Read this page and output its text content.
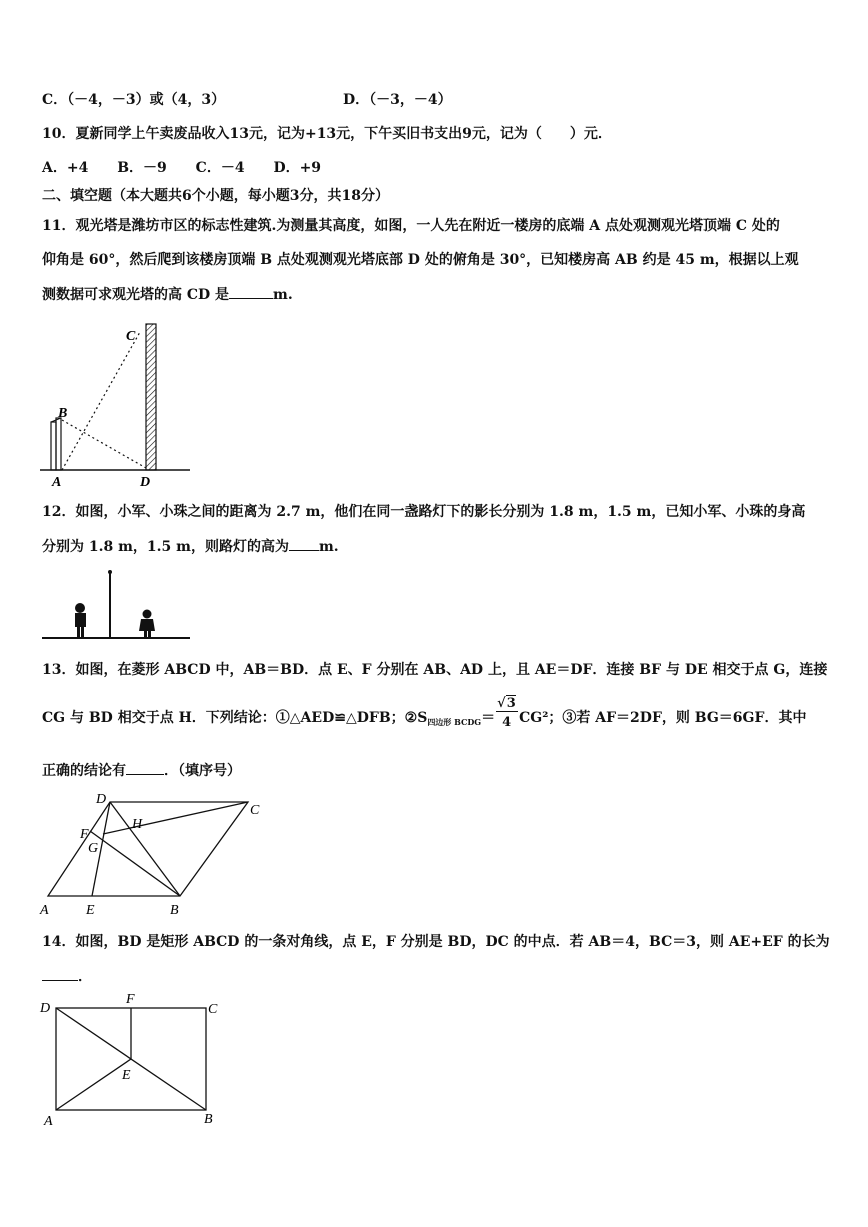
C．（－4，－3）或（4，3）	D．（－3，－4）
10．夏新同学上午卖废品收入13元，记为+13元，下午买旧书支出9元，记为（　　）元．
A．+4 B．－9 C．－4 D．+9
二、填空题（本大题共6个小题，每小题3分，共18分）
11．观光塔是潍坊市区的标志性建筑.为测量其高度，如图，一人先在附近一楼房的底端 A 点处观测观光塔顶端 C 处的
仰角是 60°，然后爬到该楼房顶端 B 点处观测观光塔底部 D 处的俯角是 30°，已知楼房高 AB 约是 45 m，根据以上观
测数据可求观光塔的高 CD 是	m.
C
B
A	D
12．如图，小军、小珠之间的距离为 2.7 m，他们在同一盏路灯下的影长分别为 1.8 m，1.5 m，已知小军、小珠的身高
分别为 1.8 m，1.5 m，则路灯的高为 m.
13．如图，在菱形 ABCD 中，AB＝BD．点 E、F 分别在 AB、AD 上，且 AE＝DF．连接 BF 与 DE 相交于点 G，连接
CG 与 BD 相交于点 H．下列结论：①△AED≌△DFB；$②S_{四边形 BCDG}= \frac{√3}{4} CG^2$；③若 AF＝2DF，则 BG＝6GF．其中
正确的结论有	．（填序号）
D
C
H
F
G
A	E	B
14．如图，BD 是矩形 ABCD 的一条对角线，点 E，F 分别是 BD，DC 的中点．若 AB＝4，BC＝3，则 AE+EF 的长为
．
D
F
C
E
A	B
